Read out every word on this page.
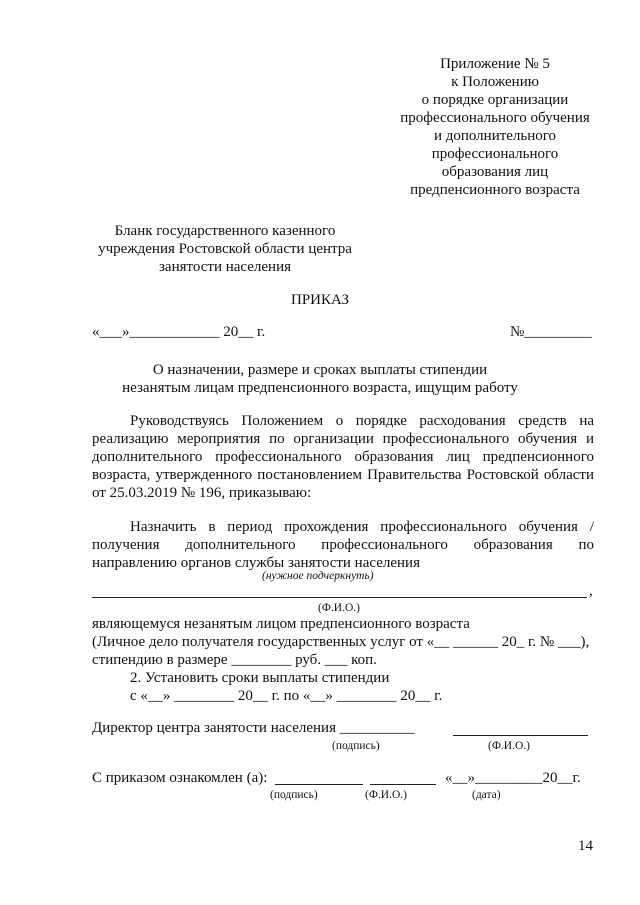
Приложение № 5
к Положению
о порядке организации
профессионального обучения
и дополнительного
профессионального
образования лиц
предпенсионного возраста
Бланк государственного казенного
учреждения Ростовской области центра
занятости населения
ПРИКАЗ
«___»____________ 20__ г.	№_________
О назначении, размере и сроках выплаты стипендии
незанятым лицам предпенсионного возраста, ищущим работу
Руководствуясь Положением о порядке расходования средств на
реализацию мероприятия по организации профессионального обучения и
дополнительного профессионального образования лиц предпенсионного
возраста, утвержденного постановлением Правительства Ростовской области
от 25.03.2019 № 196, приказываю:
Назначить в период прохождения профессионального обучения /
получения дополнительного профессионального образования по
направлению органов службы занятости населения
(нужное подчеркнуть)
,
(Ф.И.О.)
являющемуся незанятым лицом предпенсионного возраста
(Личное дело получателя государственных услуг от «__ ______ 20_ г. № ___),
стипендию в размере ________ руб. ___ коп.
2. Установить сроки выплаты стипендии
с «__» ________ 20__ г. по «__» ________ 20__ г.
Директор центра занятости населения __________
(подпись)	(Ф.И.О.)
С приказом ознакомлен (а):	«__»_________20__г.
(подпись)	(Ф.И.О.)	(дата)
14
